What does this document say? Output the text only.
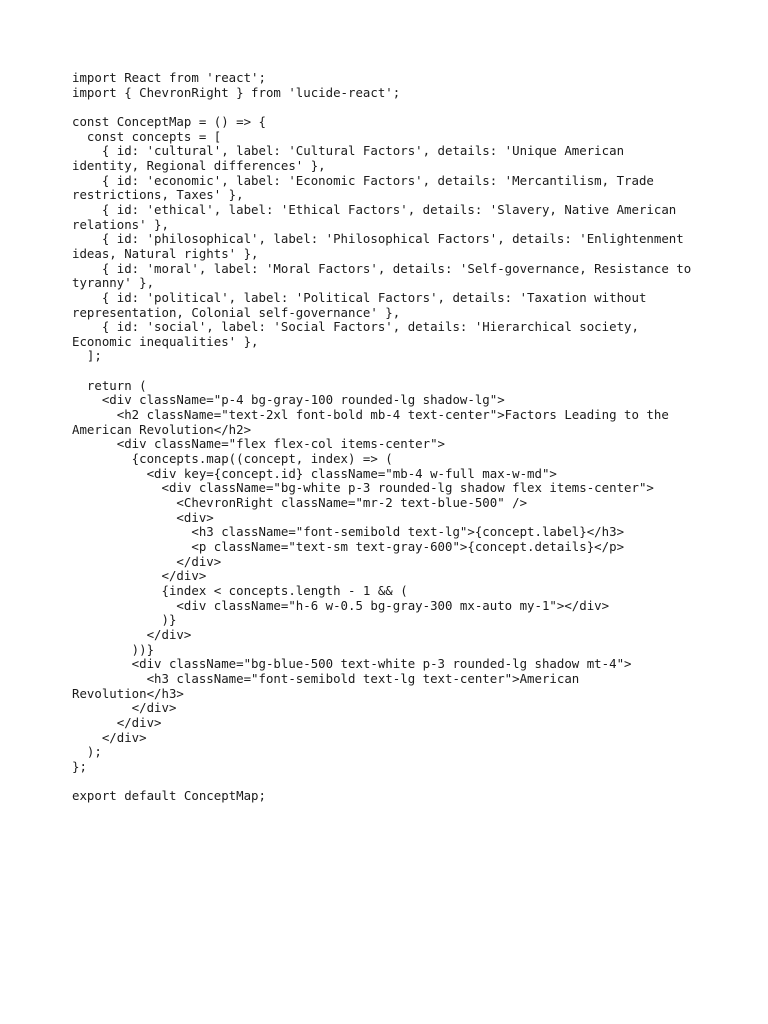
import React from 'react';
import { ChevronRight } from 'lucide-react';
const ConceptMap = () => {
const concepts = [
{ id: 'cultural', label: 'Cultural Factors', details: 'Unique American
identity, Regional differences' },
{ id: 'economic', label: 'Economic Factors', details: 'Mercantilism, Trade
restrictions, Taxes' },
{ id: 'ethical', label: 'Ethical Factors', details: 'Slavery, Native American
relations' },
{ id: 'philosophical', label: 'Philosophical Factors', details: 'Enlightenment
ideas, Natural rights' },
{ id: 'moral', label: 'Moral Factors', details: 'Self-governance, Resistance to
tyranny' },
{ id: 'political', label: 'Political Factors', details: 'Taxation without
representation, Colonial self-governance' },
{ id: 'social', label: 'Social Factors', details: 'Hierarchical society,
Economic inequalities' },
];
return (
<div className="p-4 bg-gray-100 rounded-lg shadow-lg">
<h2 className="text-2xl font-bold mb-4 text-center">Factors Leading to the
American Revolution</h2>
<div className="flex flex-col items-center">
{concepts.map((concept, index) => (
<div key={concept.id} className="mb-4 w-full max-w-md">
<div className="bg-white p-3 rounded-lg shadow flex items-center">
<ChevronRight className="mr-2 text-blue-500" />
<div>
<h3 className="font-semibold text-lg">{concept.label}</h3>
<p className="text-sm text-gray-600">{concept.details}</p>
</div>
</div>
{index < concepts.length - 1 && (
<div className="h-6 w-0.5 bg-gray-300 mx-auto my-1"></div>
)}
</div>
))}
<div className="bg-blue-500 text-white p-3 rounded-lg shadow mt-4">
<h3 className="font-semibold text-lg text-center">American
Revolution</h3>
</div>
</div>
</div>
);
};
export default ConceptMap;
